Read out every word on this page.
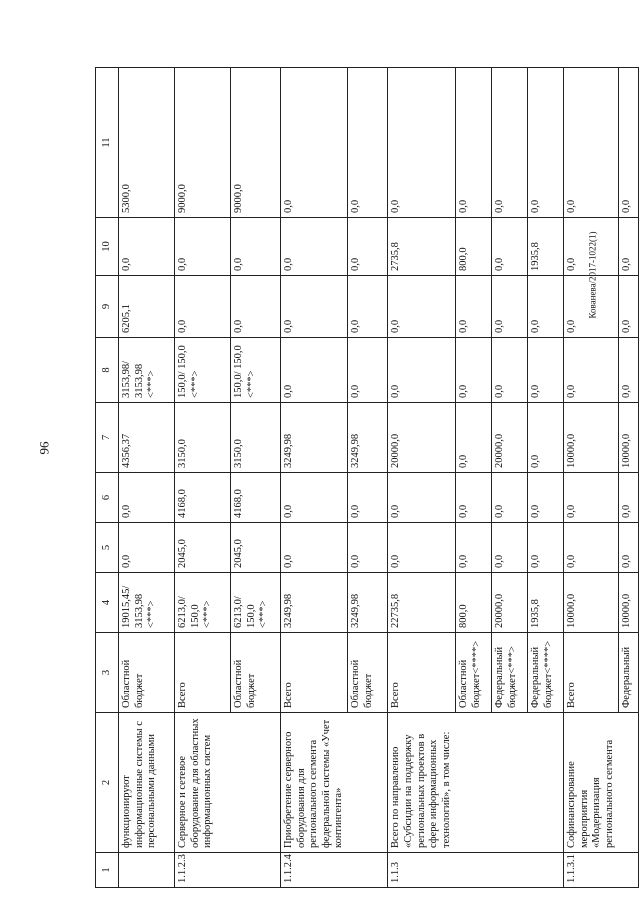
96
Кованева/2017-1022(1)
1	2	3	4	5	6	7	8	9	10	11
	функционируют информационные системы с персональными данными	Областной бюджет	19015,45/ 3153,98 <***>	0,0	0,0	4356,37	3153,98/ 3153,98 <***>	6205,1	0,0	5300,0
1.1.2.3	Серверное и сетевое оборудование для областных информационных систем	Всего	6213,0/ 150,0 <***>	2045,0	4168,0	3150,0	150,0/ 150,0 <***>	0,0	0,0	9000,0
		Областной бюджет	6213,0/ 150,0 <***>	2045,0	4168,0	3150,0	150,0/ 150,0 <***>	0,0	0,0	9000,0
1.1.2.4	Приобретение серверного оборудования для регионального сегмента федеральной системы «Учет контингента»	Всего	3249,98	0,0	0,0	3249,98	0,0	0,0	0,0	0,0
		Областной бюджет	3249,98	0,0	0,0	3249,98	0,0	0,0	0,0	0,0
1.1.3	Всего по направлению «Субсидии на поддержку региональных проектов в сфере информационных технологий», в том числе:	Всего	22735,8	0,0	0,0	20000,0	0,0	0,0	2735,8	0,0
		Областной бюджет<****>	800,0	0,0	0,0	0,0	0,0	0,0	800,0	0,0
		Федеральный бюджет<***>	20000,0	0,0	0,0	20000,0	0,0	0,0	0,0	0,0
		Федеральный бюджет<****>	1935,8	0,0	0,0	0,0	0,0	0,0	1935,8	0,0
1.1.3.1	Софинансирование мероприятия «Модернизация регионального сегмента	Всего	10000,0	0,0	0,0	10000,0	0,0	0,0	0,0	0,0
		Федеральный	10000,0	0,0	0,0	10000,0	0,0	0,0	0,0	0,0
